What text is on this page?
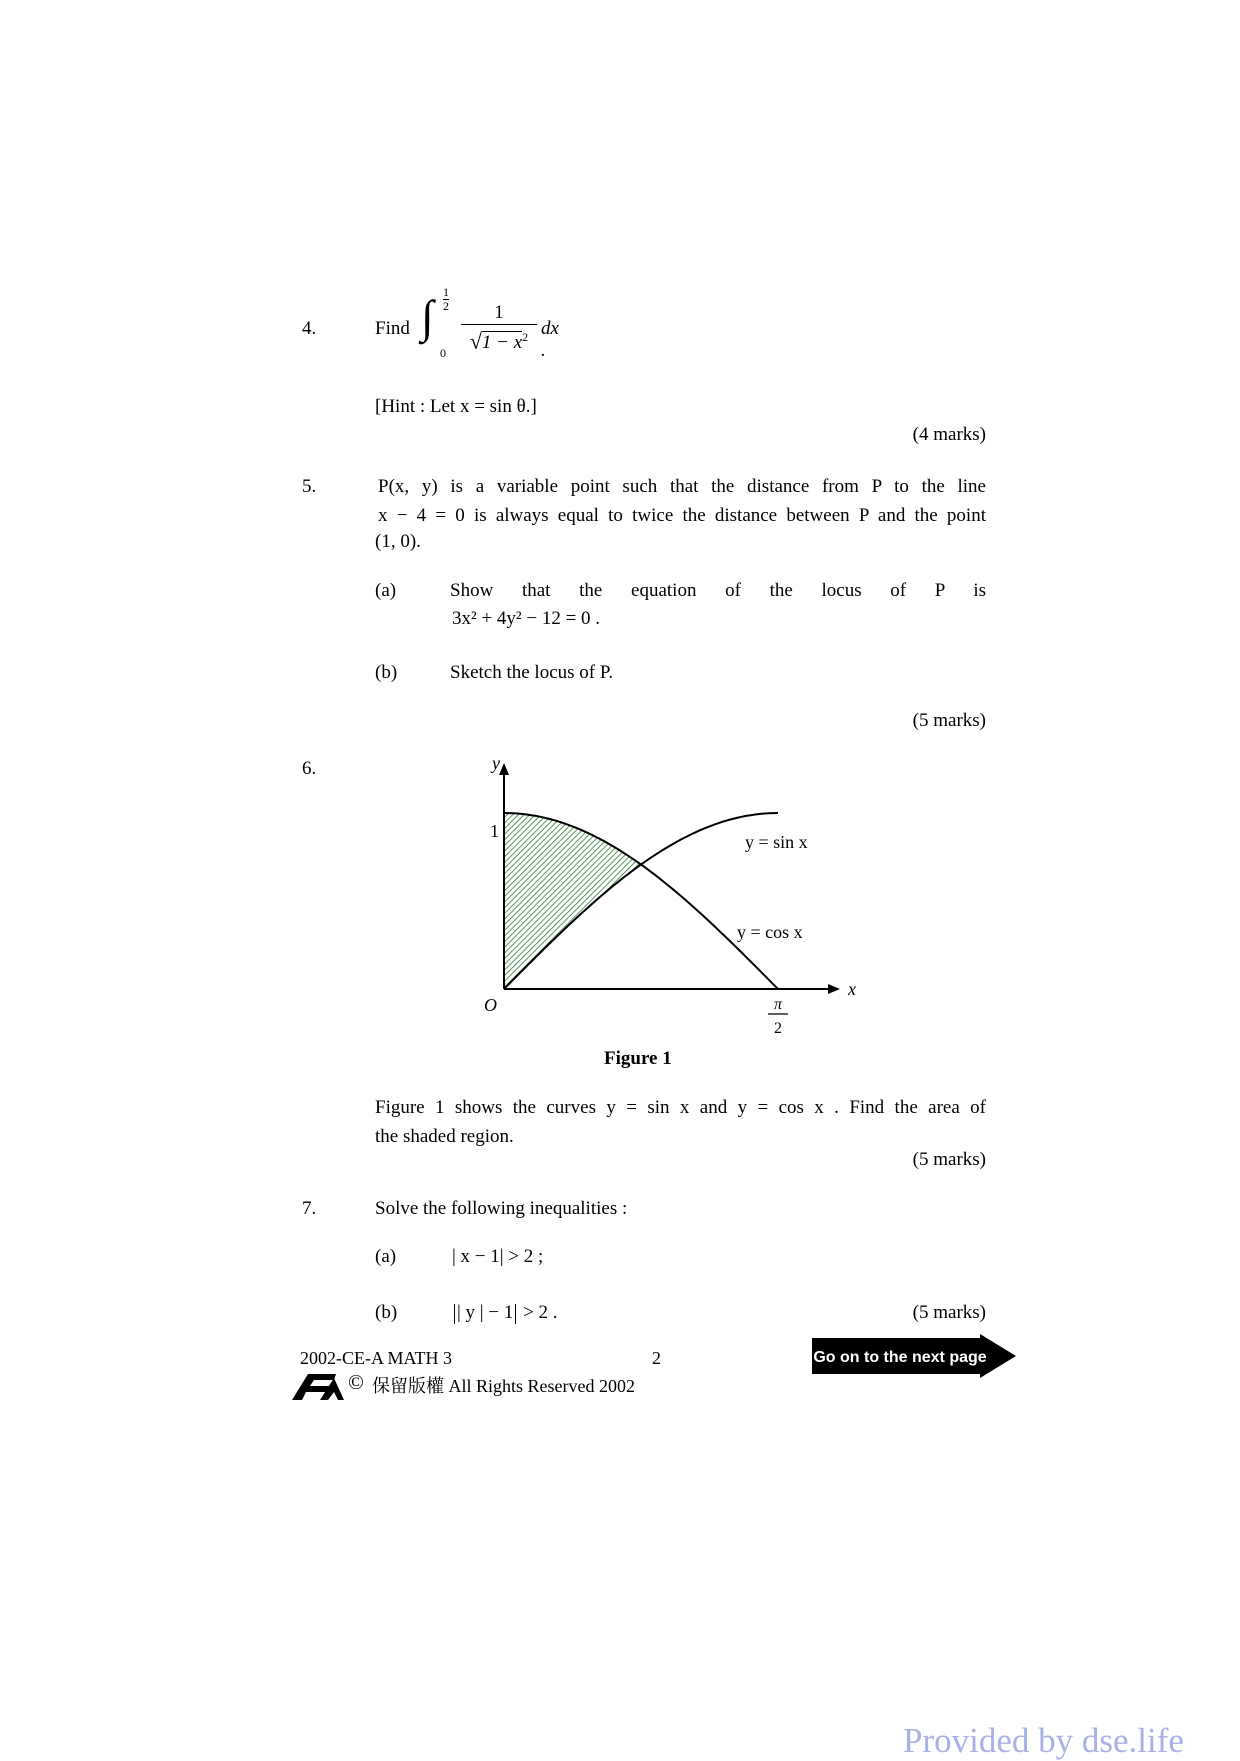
4.	Find ∫ 1
2
0
1
$√1 - x^2$ dx .
[Hint : Let x = sin θ.]
(4 marks)
5.	P(x, y) is a variable point such that the distance from P to the line
x − 4 = 0 is always equal to twice the distance between P and the point
(1, 0).
(a)	Show that the equation of the locus of P is
3x² + 4y² − 12 = 0 .
(b)	Sketch the locus of P.
(5 marks)
6.	y
x
1
O	π
2
y = sin x
y = cos x
Figure 1
Figure 1 shows the curves y = sin x and y = cos x . Find the area of
the shaded region.
(5 marks)
7.	Solve the following inequalities :
(a)	| x − 1| > 2 ;
(b)	| y | − 1 > 2 .	(5 marks)
2002-CE-A MATH 3	2	Go on to the next page
© 保留版權 All Rights Reserved 2002
Provided by dse.life
